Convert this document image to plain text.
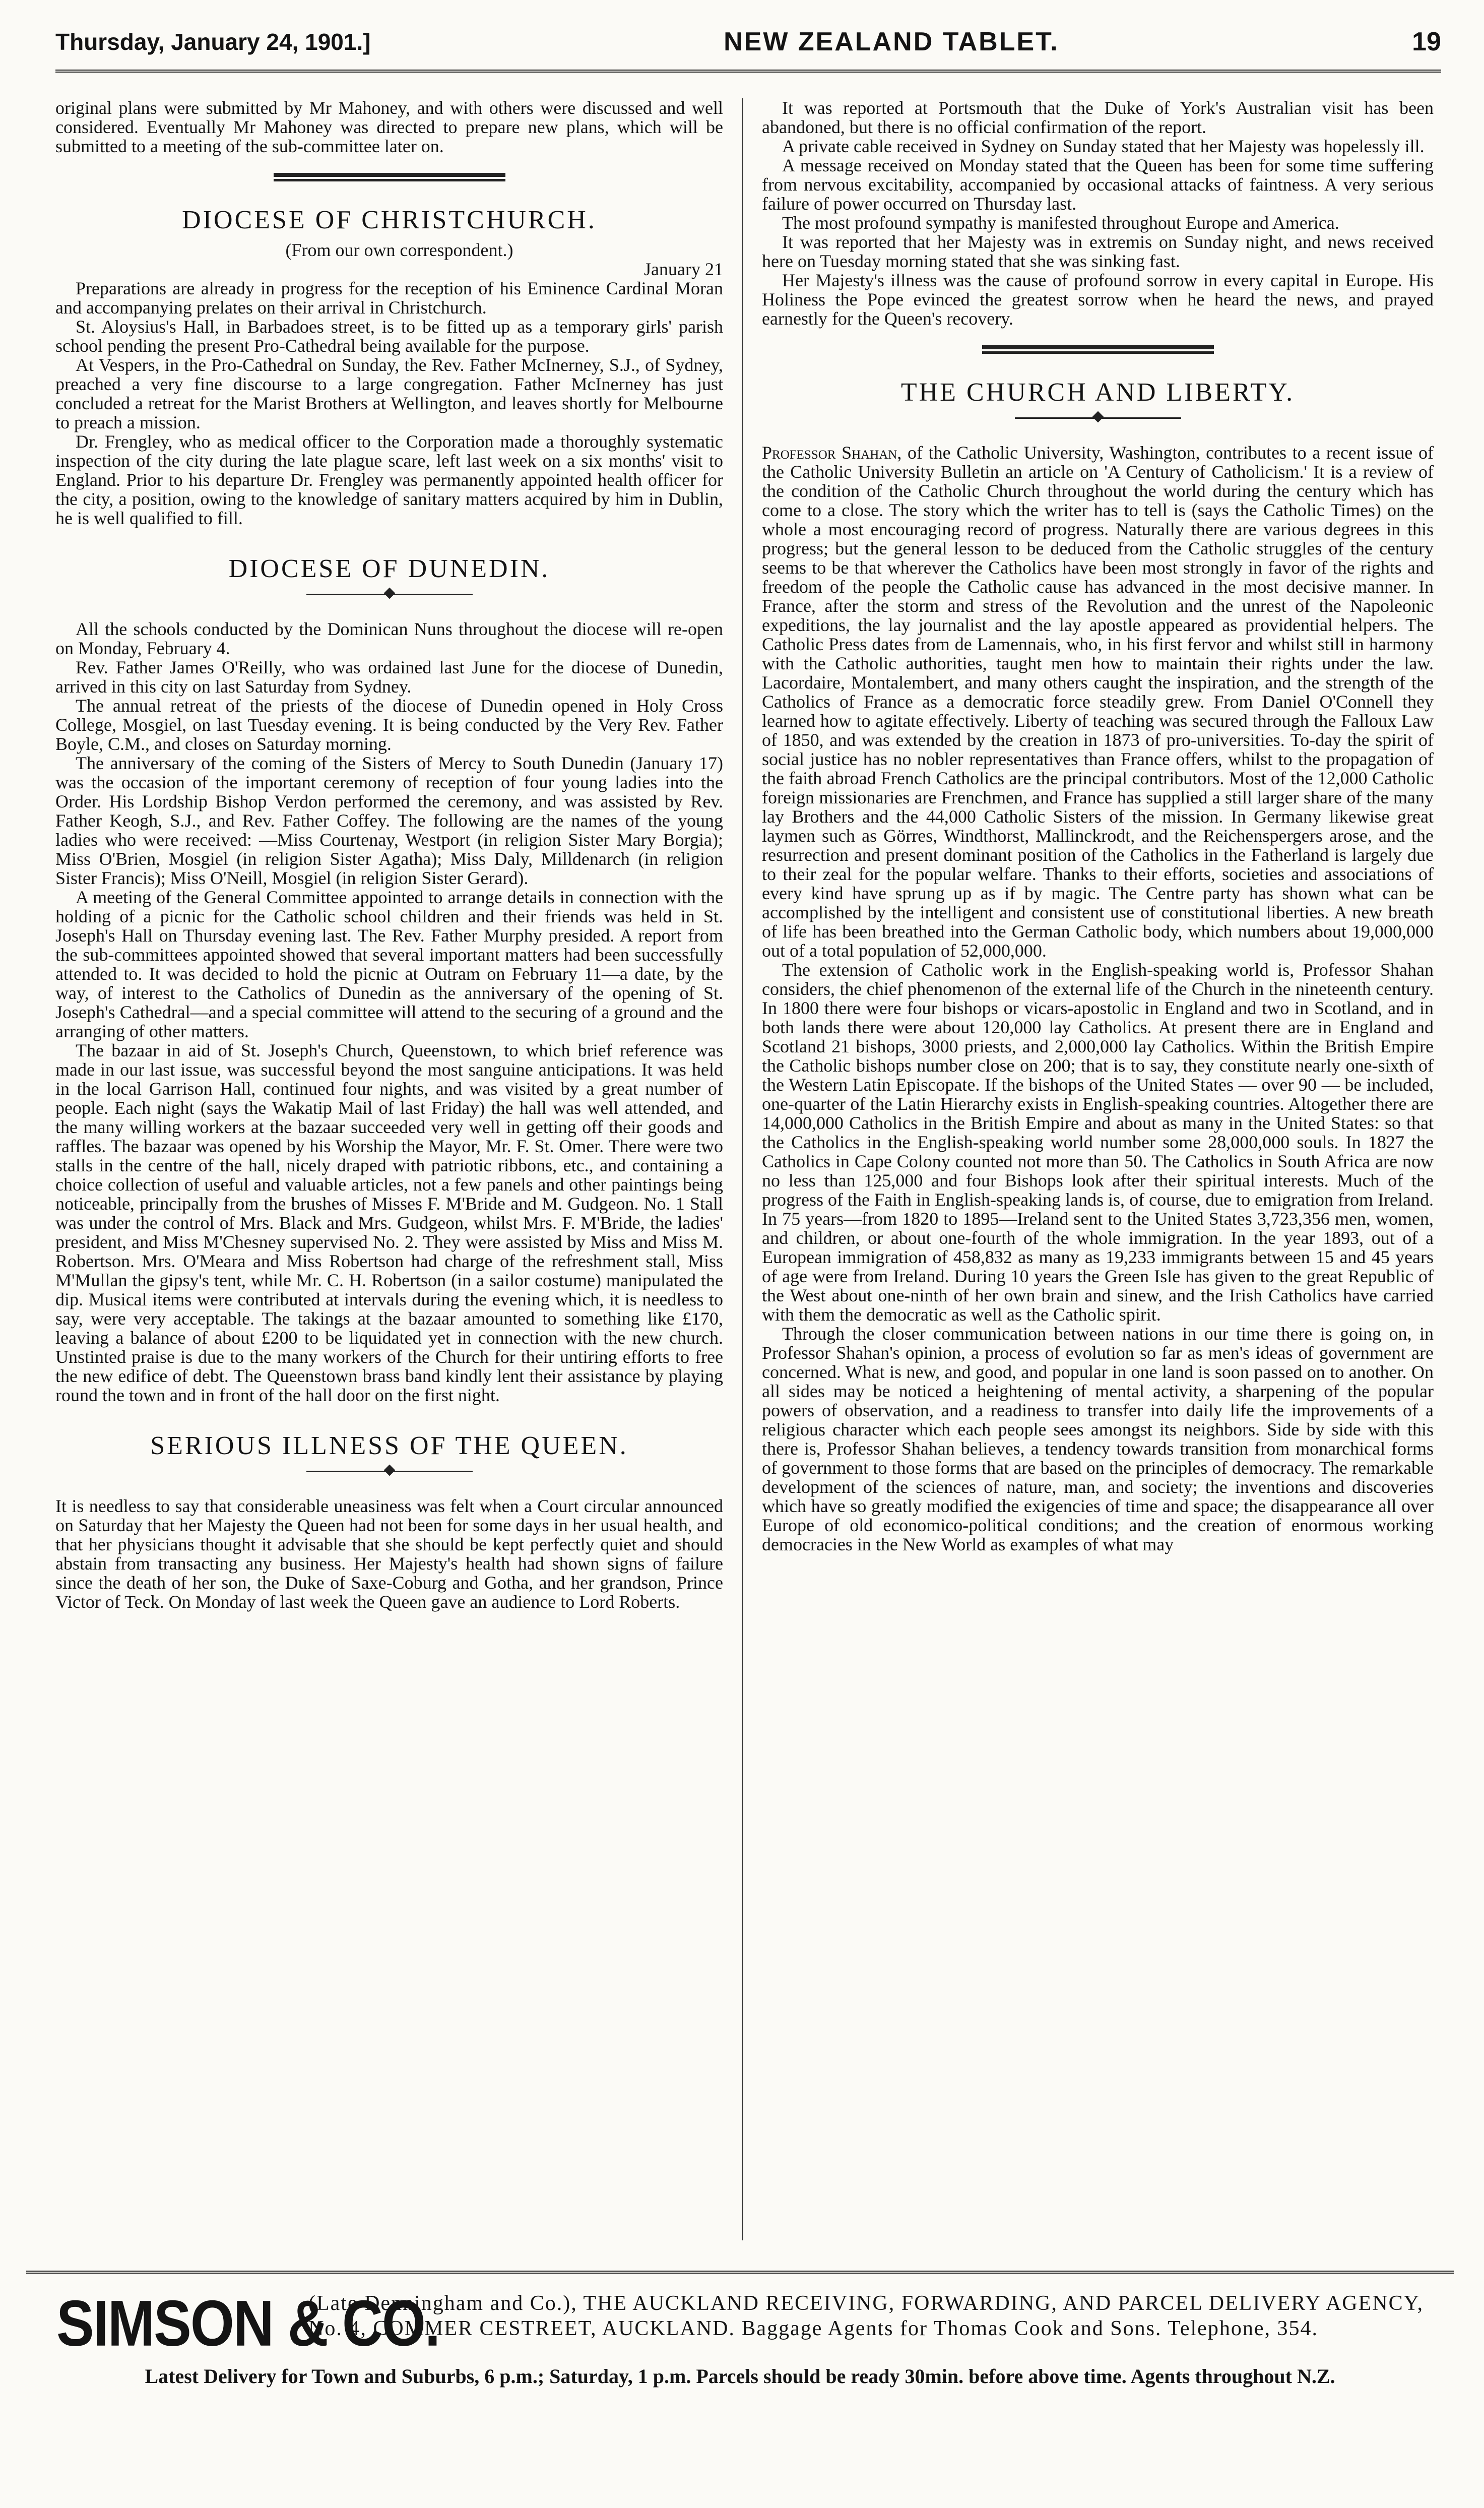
Thursday, January 24, 1901.]	NEW ZEALAND TABLET.	19

original plans were submitted by Mr Mahoney, and with others were discussed and well considered. Eventually Mr Mahoney was directed to prepare new plans, which will be submitted to a meeting of the sub-committee later on.

DIOCESE OF CHRISTCHURCH.

(From our own correspondent.)

January 21

Preparations are already in progress for the reception of his Eminence Cardinal Moran and accompanying prelates on their arrival in Christchurch.

St. Aloysius's Hall, in Barbadoes street, is to be fitted up as a temporary girls' parish school pending the present Pro-Cathedral being available for the purpose.

At Vespers, in the Pro-Cathedral on Sunday, the Rev. Father McInerney, S.J., of Sydney, preached a very fine discourse to a large congregation. Father McInerney has just concluded a retreat for the Marist Brothers at Wellington, and leaves shortly for Melbourne to preach a mission.

Dr. Frengley, who as medical officer to the Corporation made a thoroughly systematic inspection of the city during the late plague scare, left last week on a six months' visit to England. Prior to his departure Dr. Frengley was permanently appointed health officer for the city, a position, owing to the knowledge of sanitary matters acquired by him in Dublin, he is well qualified to fill.

DIOCESE OF DUNEDIN.

All the schools conducted by the Dominican Nuns throughout the diocese will re-open on Monday, February 4.

Rev. Father James O'Reilly, who was ordained last June for the diocese of Dunedin, arrived in this city on last Saturday from Sydney.

The annual retreat of the priests of the diocese of Dunedin opened in Holy Cross College, Mosgiel, on last Tuesday evening. It is being conducted by the Very Rev. Father Boyle, C.M., and closes on Saturday morning.

The anniversary of the coming of the Sisters of Mercy to South Dunedin (January 17) was the occasion of the important ceremony of reception of four young ladies into the Order. His Lordship Bishop Verdon performed the ceremony, and was assisted by Rev. Father Keogh, S.J., and Rev. Father Coffey. The following are the names of the young ladies who were received: —Miss Courtenay, Westport (in religion Sister Mary Borgia); Miss O'Brien, Mosgiel (in religion Sister Agatha); Miss Daly, Milldenarch (in religion Sister Francis); Miss O'Neill, Mosgiel (in religion Sister Gerard).

A meeting of the General Committee appointed to arrange details in connection with the holding of a picnic for the Catholic school children and their friends was held in St. Joseph's Hall on Thursday evening last. The Rev. Father Murphy presided. A report from the sub-committees appointed showed that several important matters had been successfully attended to. It was decided to hold the picnic at Outram on February 11—a date, by the way, of interest to the Catholics of Dunedin as the anniversary of the opening of St. Joseph's Cathedral—and a special committee will attend to the securing of a ground and the arranging of other matters.

The bazaar in aid of St. Joseph's Church, Queenstown, to which brief reference was made in our last issue, was successful beyond the most sanguine anticipations. It was held in the local Garrison Hall, continued four nights, and was visited by a great number of people. Each night (says the Wakatip Mail of last Friday) the hall was well attended, and the many willing workers at the bazaar succeeded very well in getting off their goods and raffles. The bazaar was opened by his Worship the Mayor, Mr. F. St. Omer. There were two stalls in the centre of the hall, nicely draped with patriotic ribbons, etc., and containing a choice collection of useful and valuable articles, not a few panels and other paintings being noticeable, principally from the brushes of Misses F. M'Bride and M. Gudgeon. No. 1 Stall was under the control of Mrs. Black and Mrs. Gudgeon, whilst Mrs. F. M'Bride, the ladies' president, and Miss M'Chesney supervised No. 2. They were assisted by Miss and Miss M. Robertson. Mrs. O'Meara and Miss Robertson had charge of the refreshment stall, Miss M'Mullan the gipsy's tent, while Mr. C. H. Robertson (in a sailor costume) manipulated the dip. Musical items were contributed at intervals during the evening which, it is needless to say, were very acceptable. The takings at the bazaar amounted to something like £170, leaving a balance of about £200 to be liquidated yet in connection with the new church. Unstinted praise is due to the many workers of the Church for their untiring efforts to free the new edifice of debt. The Queenstown brass band kindly lent their assistance by playing round the town and in front of the hall door on the first night.

SERIOUS ILLNESS OF THE QUEEN.

It is needless to say that considerable uneasiness was felt when a Court circular announced on Saturday that her Majesty the Queen had not been for some days in her usual health, and that her physicians thought it advisable that she should be kept perfectly quiet and should abstain from transacting any business. Her Majesty's health had shown signs of failure since the death of her son, the Duke of Saxe-Coburg and Gotha, and her grandson, Prince Victor of Teck. On Monday of last week the Queen gave an audience to Lord Roberts.

It was reported at Portsmouth that the Duke of York's Australian visit has been abandoned, but there is no official confirmation of the report.

A private cable received in Sydney on Sunday stated that her Majesty was hopelessly ill.

A message received on Monday stated that the Queen has been for some time suffering from nervous excitability, accompanied by occasional attacks of faintness. A very serious failure of power occurred on Thursday last.

The most profound sympathy is manifested throughout Europe and America.

It was reported that her Majesty was in extremis on Sunday night, and news received here on Tuesday morning stated that she was sinking fast.

Her Majesty's illness was the cause of profound sorrow in every capital in Europe. His Holiness the Pope evinced the greatest sorrow when he heard the news, and prayed earnestly for the Queen's recovery.

THE CHURCH AND LIBERTY.

Professor Shahan, of the Catholic University, Washington, contributes to a recent issue of the Catholic University Bulletin an article on 'A Century of Catholicism.' It is a review of the condition of the Catholic Church throughout the world during the century which has come to a close. The story which the writer has to tell is (says the Catholic Times) on the whole a most encouraging record of progress. Naturally there are various degrees in this progress; but the general lesson to be deduced from the Catholic struggles of the century seems to be that wherever the Catholics have been most strongly in favor of the rights and freedom of the people the Catholic cause has advanced in the most decisive manner. In France, after the storm and stress of the Revolution and the unrest of the Napoleonic expeditions, the lay journalist and the lay apostle appeared as providential helpers. The Catholic Press dates from de Lamennais, who, in his first fervor and whilst still in harmony with the Catholic authorities, taught men how to maintain their rights under the law. Lacordaire, Montalembert, and many others caught the inspiration, and the strength of the Catholics of France as a democratic force steadily grew. From Daniel O'Connell they learned how to agitate effectively. Liberty of teaching was secured through the Falloux Law of 1850, and was extended by the creation in 1873 of pro-universities. To-day the spirit of social justice has no nobler representatives than France offers, whilst to the propagation of the faith abroad French Catholics are the principal contributors. Most of the 12,000 Catholic foreign missionaries are Frenchmen, and France has supplied a still larger share of the many lay Brothers and the 44,000 Catholic Sisters of the mission. In Germany likewise great laymen such as Görres, Windthorst, Mallinckrodt, and the Reichenspergers arose, and the resurrection and present dominant position of the Catholics in the Fatherland is largely due to their zeal for the popular welfare. Thanks to their efforts, societies and associations of every kind have sprung up as if by magic. The Centre party has shown what can be accomplished by the intelligent and consistent use of constitutional liberties. A new breath of life has been breathed into the German Catholic body, which numbers about 19,000,000 out of a total population of 52,000,000.

The extension of Catholic work in the English-speaking world is, Professor Shahan considers, the chief phenomenon of the external life of the Church in the nineteenth century. In 1800 there were four bishops or vicars-apostolic in England and two in Scotland, and in both lands there were about 120,000 lay Catholics. At present there are in England and Scotland 21 bishops, 3000 priests, and 2,000,000 lay Catholics. Within the British Empire the Catholic bishops number close on 200; that is to say, they constitute nearly one-sixth of the Western Latin Episcopate. If the bishops of the United States — over 90 — be included, one-quarter of the Latin Hierarchy exists in English-speaking countries. Altogether there are 14,000,000 Catholics in the British Empire and about as many in the United States: so that the Catholics in the English-speaking world number some 28,000,000 souls. In 1827 the Catholics in Cape Colony counted not more than 50. The Catholics in South Africa are now no less than 125,000 and four Bishops look after their spiritual interests. Much of the progress of the Faith in English-speaking lands is, of course, due to emigration from Ireland. In 75 years—from 1820 to 1895—Ireland sent to the United States 3,723,356 men, women, and children, or about one-fourth of the whole immigration. In the year 1893, out of a European immigration of 458,832 as many as 19,233 immigrants between 15 and 45 years of age were from Ireland. During 10 years the Green Isle has given to the great Republic of the West about one-ninth of her own brain and sinew, and the Irish Catholics have carried with them the democratic as well as the Catholic spirit.

Through the closer communication between nations in our time there is going on, in Professor Shahan's opinion, a process of evolution so far as men's ideas of government are concerned. What is new, and good, and popular in one land is soon passed on to another. On all sides may be noticed a heightening of mental activity, a sharpening of the popular powers of observation, and a readiness to transfer into daily life the improvements of a religious character which each people sees amongst its neighbors. Side by side with this there is, Professor Shahan believes, a tendency towards transition from monarchical forms of government to those forms that are based on the principles of democracy. The remarkable development of the sciences of nature, man, and society; the inventions and discoveries which have so greatly modified the exigencies of time and space; the disappearance all over Europe of old economico-political conditions; and the creation of enormous working democracies in the New World as examples of what may

SIMSON & CO.
(Late Denningham and Co.), THE AUCKLAND RECEIVING, FORWARDING, AND PARCEL DELIVERY AGENCY, No. 4, COMMER CESTREET, AUCKLAND. Baggage Agents for Thomas Cook and Sons. Telephone, 354.
Latest Delivery for Town and Suburbs, 6 p.m.; Saturday, 1 p.m. Parcels should be ready 30min. before above time. Agents throughout N.Z.
